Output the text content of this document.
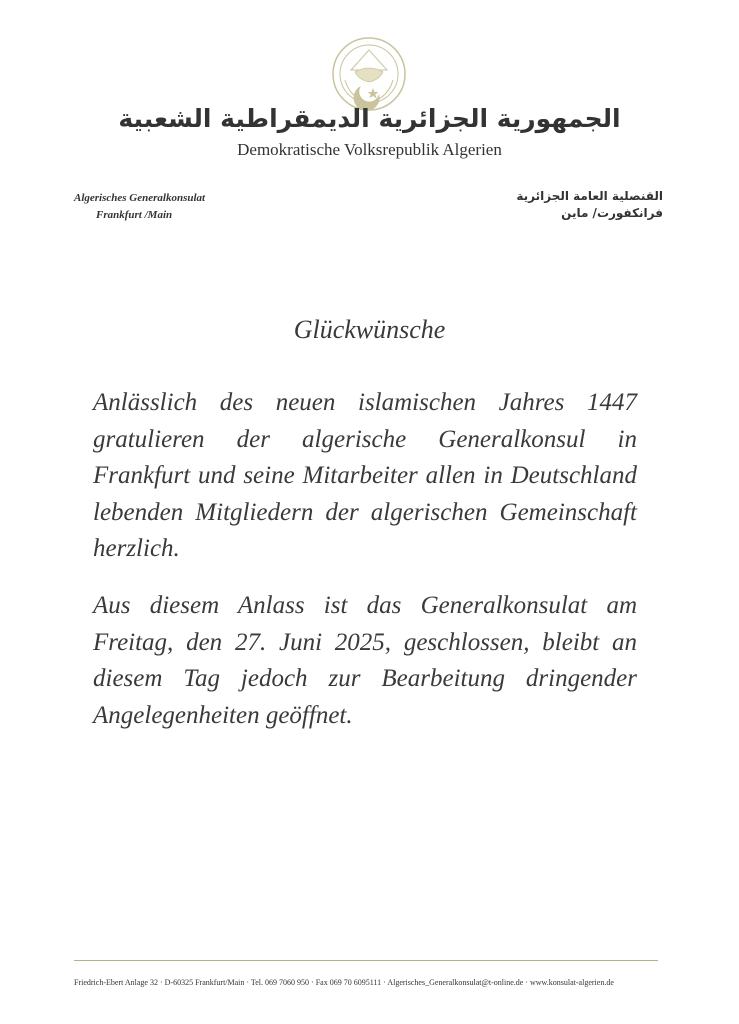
الجمهورية الجزائرية الديمقراطية الشعبية
Demokratische Volksrepublik Algerien
Algerisches Generalkonsulat
Frankfurt /Main
القنصلية العامة الجزائرية
فرانكفورت/ ماين
Glückwünsche
Anlässlich des neuen islamischen Jahres 1447 gratulieren der algerische Generalkonsul in Frankfurt und seine Mitarbeiter allen in Deutschland lebenden Mitgliedern der algerischen Gemeinschaft herzlich.
Aus diesem Anlass ist das Generalkonsulat am Freitag, den 27. Juni 2025, geschlossen, bleibt an diesem Tag jedoch zur Bearbeitung dringender Angelegenheiten geöffnet.
Friedrich-Ebert Anlage 32 · D-60325 Frankfurt/Main · Tel. 069 7060 950 · Fax 069 70 6095111 · Algerisches_Generalkonsulat@t-online.de · www.konsulat-algerien.de
